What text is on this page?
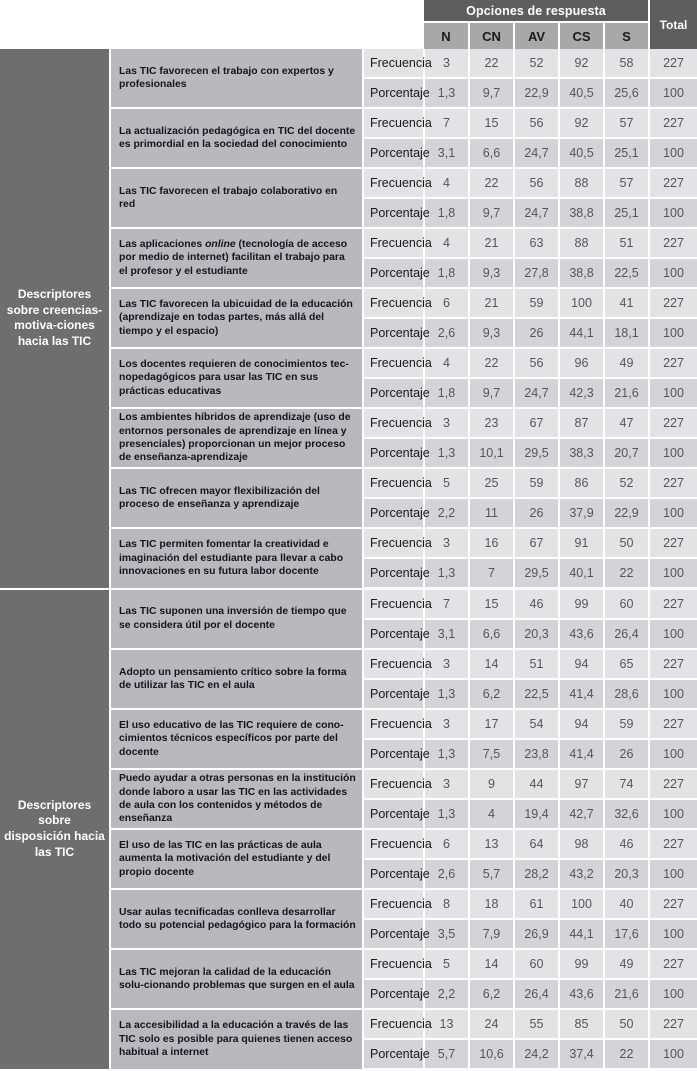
			Opciones de respuesta					Total
			N	CN	AV	CS	S	
Descriptores sobre creencias-motiva-ciones hacia las TIC	Las TIC favorecen el trabajo con expertos y profesionales	Frecuencia	3	22	52	92	58	227
		Porcentaje	1,3	9,7	22,9	40,5	25,6	100
	La actualización pedagógica en TIC del docente es primordial en la sociedad del conocimiento	Frecuencia	7	15	56	92	57	227
		Porcentaje	3,1	6,6	24,7	40,5	25,1	100
	Las TIC favorecen el trabajo colaborativo en red	Frecuencia	4	22	56	88	57	227
		Porcentaje	1,8	9,7	24,7	38,8	25,1	100
	Las aplicaciones online (tecnología de acceso por medio de internet) facilitan el trabajo para el profesor y el estudiante	Frecuencia	4	21	63	88	51	227
		Porcentaje	1,8	9,3	27,8	38,8	22,5	100
	Las TIC favorecen la ubicuidad de la educación (aprendizaje en todas partes, más allá del tiempo y el espacio)	Frecuencia	6	21	59	100	41	227
		Porcentaje	2,6	9,3	26	44,1	18,1	100
	Los docentes requieren de conocimientos tec-nopedagógicos para usar las TIC en sus prácticas educativas	Frecuencia	4	22	56	96	49	227
		Porcentaje	1,8	9,7	24,7	42,3	21,6	100
	Los ambientes híbridos de aprendizaje (uso de entornos personales de aprendizaje en línea y presenciales) proporcionan un mejor proceso de enseñanza-aprendizaje	Frecuencia	3	23	67	87	47	227
		Porcentaje	1,3	10,1	29,5	38,3	20,7	100
	Las TIC ofrecen mayor flexibilización del proceso de enseñanza y aprendizaje	Frecuencia	5	25	59	86	52	227
		Porcentaje	2,2	11	26	37,9	22,9	100
	Las TIC permiten fomentar la creatividad e imaginación del estudiante para llevar a cabo innovaciones en su futura labor docente	Frecuencia	3	16	67	91	50	227
		Porcentaje	1,3	7	29,5	40,1	22	100
Descriptores sobre disposición hacia las TIC	Las TIC suponen una inversión de tiempo que se considera útil por el docente	Frecuencia	7	15	46	99	60	227
		Porcentaje	3,1	6,6	20,3	43,6	26,4	100
	Adopto un pensamiento crítico sobre la forma de utilizar las TIC en el aula	Frecuencia	3	14	51	94	65	227
		Porcentaje	1,3	6,2	22,5	41,4	28,6	100
	El uso educativo de las TIC requiere de cono-cimientos técnicos específicos por parte del docente	Frecuencia	3	17	54	94	59	227
		Porcentaje	1,3	7,5	23,8	41,4	26	100
	Puedo ayudar a otras personas en la institución donde laboro a usar las TIC en las actividades de aula con los contenidos y métodos de enseñanza	Frecuencia	3	9	44	97	74	227
		Porcentaje	1,3	4	19,4	42,7	32,6	100
	El uso de las TIC en las prácticas de aula aumenta la motivación del estudiante y del propio docente	Frecuencia	6	13	64	98	46	227
		Porcentaje	2,6	5,7	28,2	43,2	20,3	100
	Usar aulas tecnificadas conlleva desarrollar todo su potencial pedagógico para la formación	Frecuencia	8	18	61	100	40	227
		Porcentaje	3,5	7,9	26,9	44,1	17,6	100
	Las TIC mejoran la calidad de la educación solu-cionando problemas que surgen en el aula	Frecuencia	5	14	60	99	49	227
		Porcentaje	2,2	6,2	26,4	43,6	21,6	100
	La accesibilidad a la educación a través de las TIC solo es posible para quienes tienen acceso habitual a internet	Frecuencia	13	24	55	85	50	227
		Porcentaje	5,7	10,6	24,2	37,4	22	100
